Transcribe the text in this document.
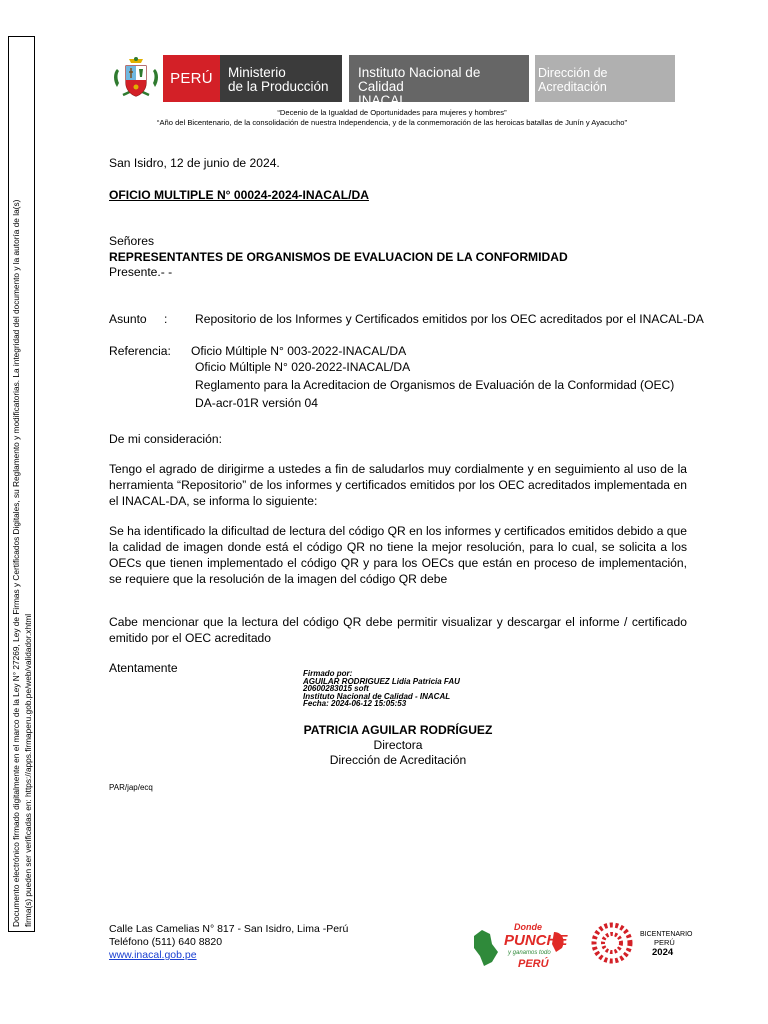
Documento electrónico firmado digitalmente en el marco de la Ley N° 27269, Ley de Firmas y Certificados Digitales, su Reglamento y modificatorias. La integridad del documento y la autoría de la(s) firma(s) pueden ser verificadas en: https://apps.firmaperu.gob.pe/web/validador.xhtml
PERÚ Ministerio
de la Producción
Instituto Nacional de Calidad
INACAL
Dirección de Acreditación
“Decenio de la Igualdad de Oportunidades para mujeres y hombres”
“Año del Bicentenario, de la consolidación de nuestra Independencia, y de la conmemoración de las heroicas batallas de Junín y Ayacucho”
San Isidro, 12 de junio de 2024.
OFICIO MULTIPLE N° 00024-2024-INACAL/DA
Señores
REPRESENTANTES DE ORGANISMOS DE EVALUACION DE LA CONFORMIDAD
Presente.- -
Asunto : Repositorio de los Informes y Certificados emitidos por los OEC acreditados por el INACAL-DA
Referencia: Oficio Múltiple N° 003-2022-INACAL/DA
Oficio Múltiple N° 020-2022-INACAL/DA
Reglamento para la Acreditacion de Organismos de Evaluación de la Conformidad (OEC)
DA-acr-01R versión 04
De mi consideración:
Tengo el agrado de dirigirme a ustedes a fin de saludarlos muy cordialmente y en seguimiento al uso de la herramienta “Repositorio” de los informes y certificados emitidos por los OEC acreditados implementada en el INACAL-DA, se informa lo siguiente:
Se ha identificado la dificultad de lectura del código QR en los informes y certificados emitidos debido a que la calidad de imagen donde está el código QR no tiene la mejor resolución, para lo cual, se solicita a los OECs que tienen implementado el código QR y para los OECs que están en proceso de implementación, se requiere que la resolución de la imagen del código QR debe
Cabe mencionar que la lectura del código QR debe permitir visualizar y descargar el informe / certificado emitido por el OEC acreditado
Atentamente	Firmado por:
AGUILAR RODRIGUEZ Lidia Patricia FAU
20600283015 soft
Instituto Nacional de Calidad - INACAL
Fecha: 2024-06-12 15:05:53
PATRICIA AGUILAR RODRÍGUEZ
Directora
Dirección de Acreditación
PAR/jap/ecq
Calle Las Camelias N° 817 - San Isidro, Lima -Perú
Teléfono (511) 640 8820
www.inacal.gob.pe
Donde
PUNCHE
y ganamos todo
PERÚ
BICENTENARIO
PERÚ
2024
